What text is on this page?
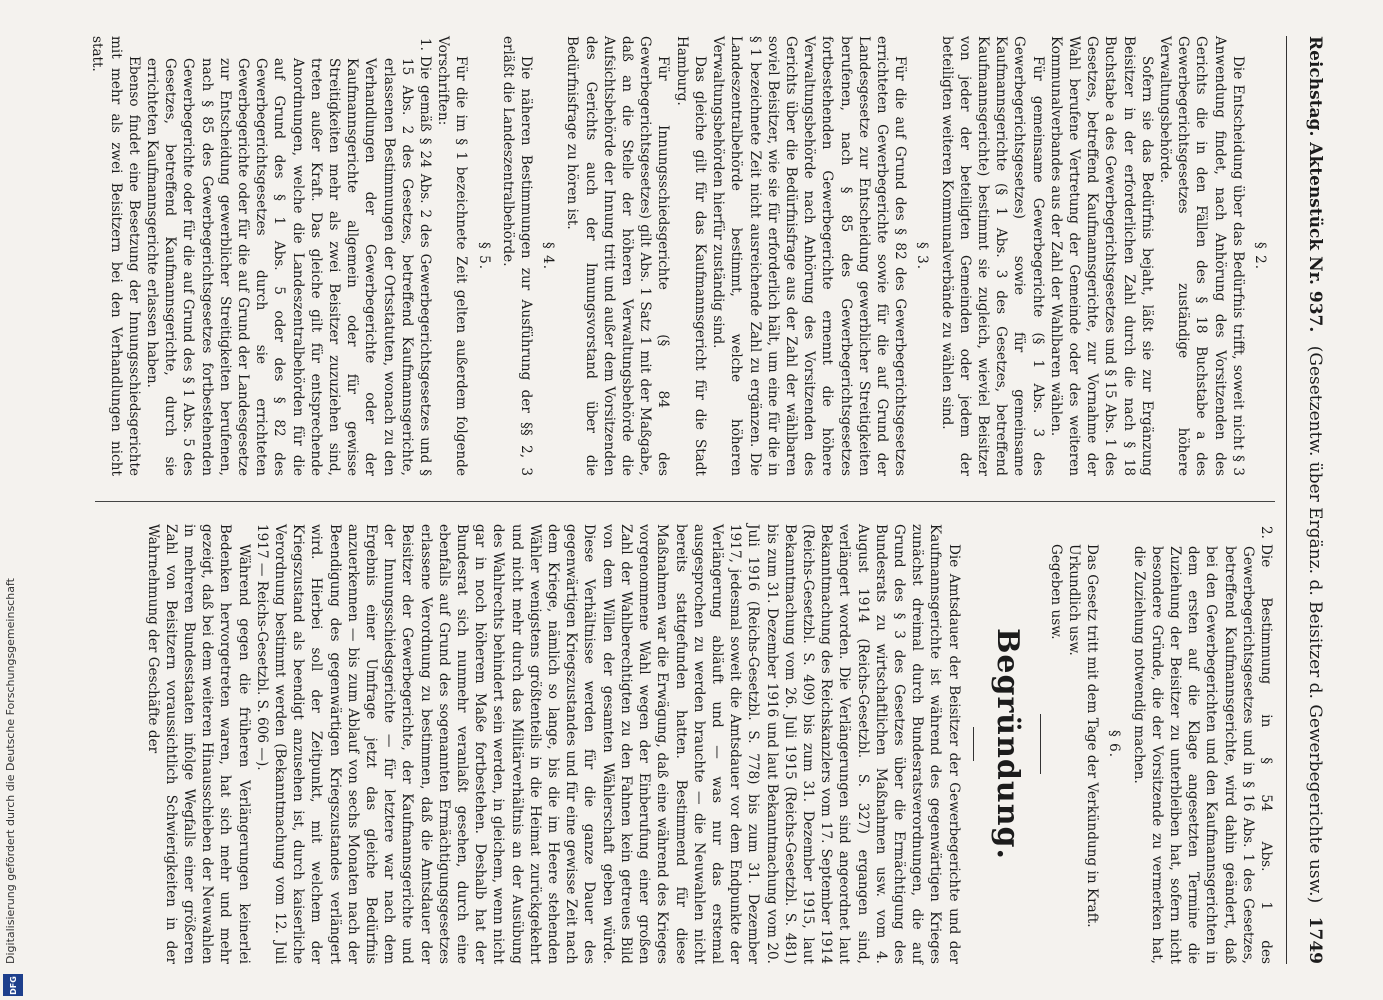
Reichstag. Aktenstück Nr. 937.
(Gesetzentw. über Ergänz. d. Beisitzer d. Gewerbegerichte usw.)
1749

§ 2.

Die Entscheidung über das Bedürfnis trifft, soweit nicht § 3 Anwendung findet, nach Anhörung des Vorsitzenden des Gerichts die in den Fällen des § 18 Buchstabe a des Gewerbegerichtsgesetzes zuständige höhere Verwaltungsbehörde.

Sofern sie das Bedürfnis bejaht, läßt sie zur Ergänzung Beisitzer in der erforderlichen Zahl durch die nach § 18 Buchstabe a des Gewerbegerichtsgesetzes und § 15 Abs. 1 des Gesetzes, betreffend Kaufmannsgerichte, zur Vornahme der Wahl berufene Vertretung der Gemeinde oder des weiteren Kommunalverbandes aus der Zahl der Wahlbaren wählen.

Für gemeinsame Gewerbegerichte (§ 1 Abs. 3 des Gewerbegerichtsgesetzes) sowie für gemeinsame Kaufmannsgerichte (§ 1 Abs. 3 des Gesetzes, betreffend Kaufmannsgerichte) bestimmt sie zugleich, wieviel Beisitzer von jeder der beteiligten Gemeinden oder jedem der beteiligten weiteren Kommunalverbände zu wählen sind.

§ 3.

Für die auf Grund des § 82 des Gewerbegerichtsgesetzes errichteten Gewerbegerichte sowie für die auf Grund der Landesgesetze zur Entscheidung gewerblicher Streitigkeiten berufenen, nach § 85 des Gewerbegerichtsgesetzes fortbestehenden Gewerbegerichte ernennt die höhere Verwaltungsbehörde nach Anhörung des Vorsitzenden des Gerichts über die Bedürfnisfrage aus der Zahl der wählbaren soviel Beisitzer, wie sie für erforderlich hält, um eine für die in § 1 bezeichnete Zeit nicht ausreichende Zahl zu ergänzen. Die Landeszentralbehörde bestimmt, welche höheren Verwaltungsbehörden hierfür zuständig sind.

Das gleiche gilt für das Kaufmannsgericht für die Stadt Hamburg.

Für Innungsschiedsgerichte (§ 84 des Gewerbegerichtsgesetzes) gilt Abs. 1 Satz 1 mit der Maßgabe, daß an die Stelle der höheren Verwaltungsbehörde die Aufsichtsbehörde der Innung tritt und außer dem Vorsitzenden des Gerichts auch der Innungsvorstand über die Bedürfnisfrage zu hören ist.

§ 4.

Die näheren Bestimmungen zur Ausführung der §§ 2, 3 erläßt die Landeszentralbehörde.

§ 5.

Für die im § 1 bezeichnete Zeit gelten außerdem folgende Vorschriften:

1.Die gemäß § 24 Abs. 2 des Gewerbegerichtsgesetzes und § 15 Abs. 2 des Gesetzes, betreffend Kaufmannsgerichte, erlassenen Bestimmungen der Ortsstatuten, wonach zu den Verhandlungen der Gewerbegerichte oder der Kaufmannsgerichte allgemein oder für gewisse Streitigkeiten mehr als zwei Beisitzer zuzuziehen sind, treten außer Kraft. Das gleiche gilt für entsprechende Anordnungen, welche die Landeszentralbehörden für die auf Grund des § 1 Abs. 5 oder des § 82 des Gewerbegerichtsgesetzes durch sie errichteten Gewerbegerichte oder für die auf Grund der Landesgesetze zur Entscheidung gewerblicher Streitigkeiten berufenen, nach § 85 des Gewerbegerichtsgesetzes fortbestehenden Gewerbegerichte oder für die auf Grund des § 1 Abs. 5 des Gesetzes, betreffend Kaufmannsgerichte, durch sie errichteten Kaufmannsgerichte erlassen haben.

Ebenso findet eine Besetzung der Innungsschiedsgerichte mit mehr als zwei Beisitzern bei den Verhandlungen nicht statt.

2.Die Bestimmung in § 54 Abs. 1 des Gewerbegerichtsgesetzes und in § 16 Abs. 1 des Gesetzes, betreffend Kaufmannsgerichte, wird dahin geändert, daß bei den Gewerbegerichten und den Kaufmannsgerichten in dem ersten auf die Klage angesetzten Termine die Zuziehung der Beisitzer zu unterbleiben hat, sofern nicht besondere Gründe, die der Vorsitzende zu vermerken hat, die Zuziehung notwendig machen.

§ 6.

Das Gesetz tritt mit dem Tage der Verkündung in Kraft.

Urkundlich usw.

Gegeben usw.

Begründung.

Die Amtsdauer der Beisitzer der Gewerbegerichte und der Kaufmannsgerichte ist während des gegenwärtigen Krieges zunächst dreimal durch Bundesratsverordnungen, die auf Grund des § 3 des Gesetzes über die Ermächtigung des Bundesrats zu wirtschaftlichen Maßnahmen usw. vom 4. August 1914 (Reichs-Gesetzbl. S. 327) ergangen sind, verlängert worden. Die Verlängerungen sind angeordnet laut Bekanntmachung des Reichskanzlers vom 17. September 1914 (Reichs-Gesetzbl. S. 409) bis zum 31. Dezember 1915, laut Bekanntmachung vom 26. Juli 1915 (Reichs-Gesetzbl. S. 481) bis zum 31. Dezember 1916 und laut Bekanntmachung vom 20. Juli 1916 (Reichs-Gesetzbl. S. 778) bis zum 31. Dezember 1917, jedesmal soweit die Amtsdauer vor dem Endpunkte der Verlängerung abläuft und — was nur das erstemal ausgesprochen zu werden brauchte — die Neuwahlen nicht bereits stattgefunden hatten. Bestimmend für diese Maßnahmen war die Erwägung, daß eine während des Krieges vorgenommene Wahl wegen der Einberufung einer großen Zahl der Wahlberechtigten zu den Fahnen kein getreues Bild von dem Willen der gesamten Wählerschaft geben würde. Diese Verhältnisse werden für die ganze Dauer des gegenwärtigen Kriegszustandes und für eine gewisse Zeit nach dem Kriege, nämlich so lange, bis die im Heere stehenden Wähler wenigstens größtenteils in die Heimat zurückgekehrt und nicht mehr durch das Militärverhältnis an der Ausübung des Wahlrechts behindert sein werden, in gleichem, wenn nicht gar in noch höherem Maße fortbestehen. Deshalb hat der Bundesrat sich nunmehr veranlaßt gesehen, durch eine ebenfalls auf Grund des sogenannten Ermächtigungsgesetzes erlassene Verordnung zu bestimmen, daß die Amtsdauer der Beisitzer der Gewerbegerichte, der Kaufmannsgerichte und der Innungsschiedsgerichte — für letztere war nach dem Ergebnis einer Umfrage jetzt das gleiche Bedürfnis anzuerkennen — bis zum Ablauf von sechs Monaten nach der Beendigung des gegenwärtigen Kriegszustandes verlängert wird. Hierbei soll der Zeitpunkt, mit welchem der Kriegszustand als beendigt anzusehen ist, durch kaiserliche Verordnung bestimmt werden (Bekanntmachung vom 12. Juli 1917 — Reichs-Gesetzbl. S. 606 —).

Während gegen die früheren Verlängerungen keinerlei Bedenken hervorgetreten waren, hat sich mehr und mehr gezeigt, daß bei dem weiteren Hinausschieben der Neuwahlen in mehreren Bundesstaaten infolge Wegfalls einer größeren Zahl von Beisitzern voraussichtlich Schwierigkeiten in der Wahrnehmung der Geschäfte der

Digitalisierung gefördert durch die Deutsche Forschungsgemeinschaft
DFG
